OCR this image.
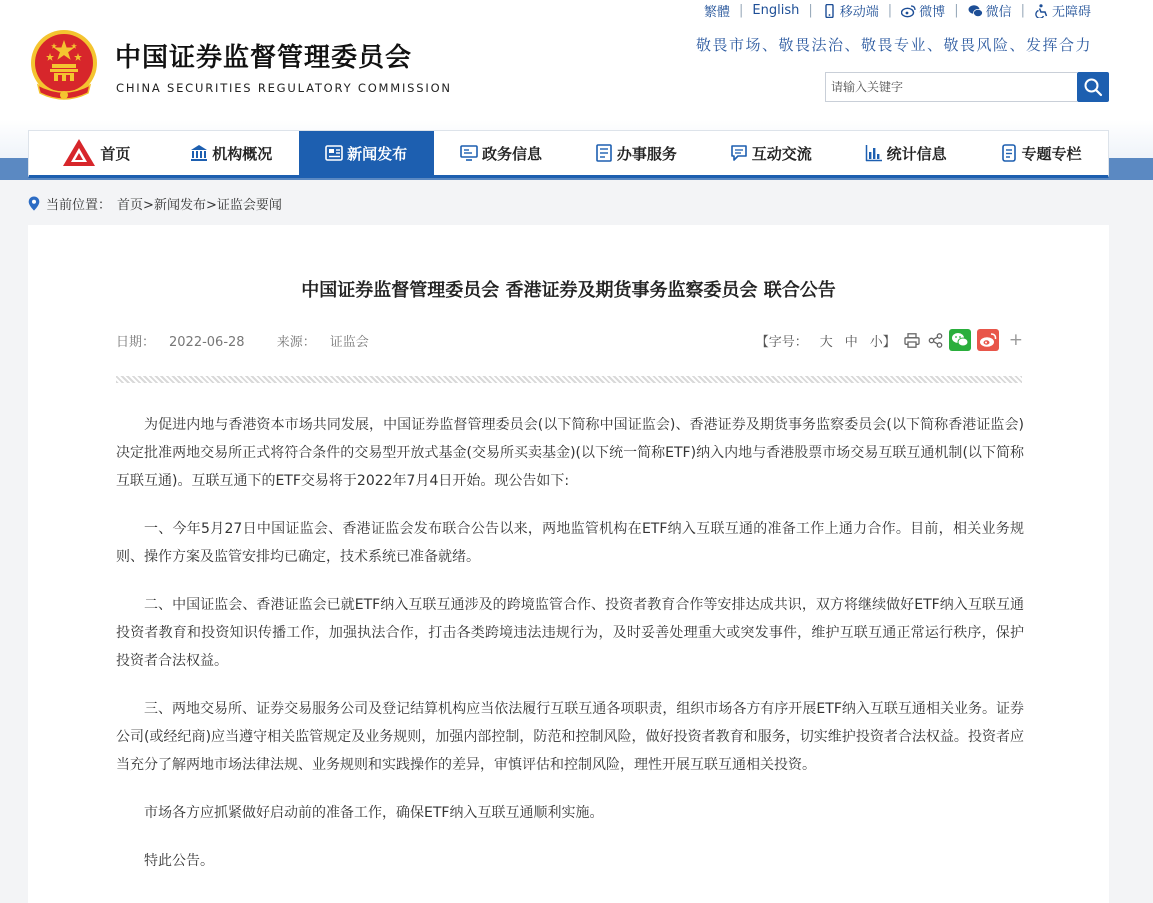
中国证券监督管理委员会
CHINA SECURITIES REGULATORY COMMISSION
繁體 | English | 移动端 | 微博 | 微信 | 无障碍
敬畏市场、敬畏法治、敬畏专业、敬畏风险、发挥合力
请输入关键字
首页	机构概况	新闻发布	政务信息	办事服务	互动交流	统计信息	专题专栏
当前位置： 首页>新闻发布>证监会要闻
中国证券监督管理委员会 香港证券及期货事务监察委员会 联合公告
日期： 2022-06-28 来源： 证监会	【字号： 大 中 小】	+

为促进内地与香港资本市场共同发展，中国证券监督管理委员会(以下简称中国证监会)、香港证券及期货事务监察委员会(以下简称香港证监会)决定批准两地交易所正式将符合条件的交易型开放式基金(交易所买卖基金)(以下统一简称ETF)纳入内地与香港股票市场交易互联互通机制(以下简称互联互通)。互联互通下的ETF交易将于2022年7月4日开始。现公告如下:

一、今年5月27日中国证监会、香港证监会发布联合公告以来，两地监管机构在ETF纳入互联互通的准备工作上通力合作。目前，相关业务规则、操作方案及监管安排均已确定，技术系统已准备就绪。

二、中国证监会、香港证监会已就ETF纳入互联互通涉及的跨境监管合作、投资者教育合作等安排达成共识，双方将继续做好ETF纳入互联互通投资者教育和投资知识传播工作，加强执法合作，打击各类跨境违法违规行为，及时妥善处理重大或突发事件，维护互联互通正常运行秩序，保护投资者合法权益。

三、两地交易所、证券交易服务公司及登记结算机构应当依法履行互联互通各项职责，组织市场各方有序开展ETF纳入互联互通相关业务。证券公司(或经纪商)应当遵守相关监管规定及业务规则，加强内部控制，防范和控制风险，做好投资者教育和服务，切实维护投资者合法权益。投资者应当充分了解两地市场法律法规、业务规则和实践操作的差异，审慎评估和控制风险，理性开展互联互通相关投资。

市场各方应抓紧做好启动前的准备工作，确保ETF纳入互联互通顺利实施。

特此公告。
